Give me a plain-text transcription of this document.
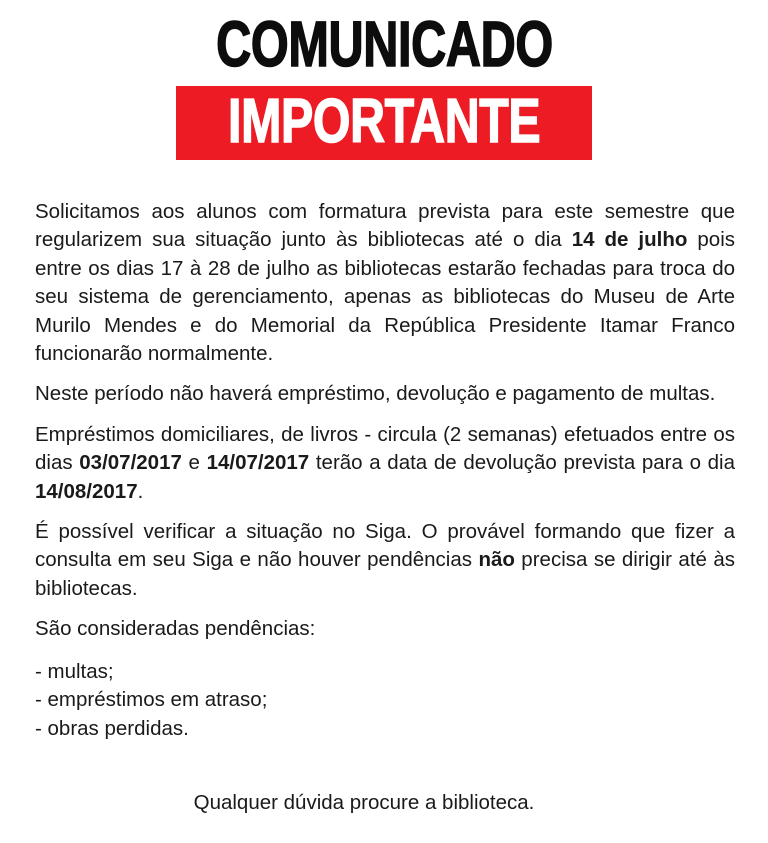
COMUNICADO
IMPORTANTE

Solicitamos aos alunos com formatura prevista para este semestre que regularizem sua situação junto às bibliotecas até o dia 14 de julho pois entre os dias 17 à 28 de julho as bibliotecas estarão fechadas para troca do seu sistema de gerenciamento, apenas as bibliotecas do Museu de Arte Murilo Mendes e do Memorial da República Presidente Itamar Franco funcionarão normalmente.

Neste período não haverá empréstimo, devolução e pagamento de multas.

Empréstimos domiciliares, de livros - circula (2 semanas) efetuados entre os dias 03/07/2017 e 14/07/2017 terão a data de devolução prevista para o dia 14/08/2017.

É possível verificar a situação no Siga. O provável formando que fizer a consulta em seu Siga e não houver pendências não precisa se dirigir até às bibliotecas.

São consideradas pendências:

- multas;
- empréstimos em atraso;
- obras perdidas.

Qualquer dúvida procure a biblioteca.
